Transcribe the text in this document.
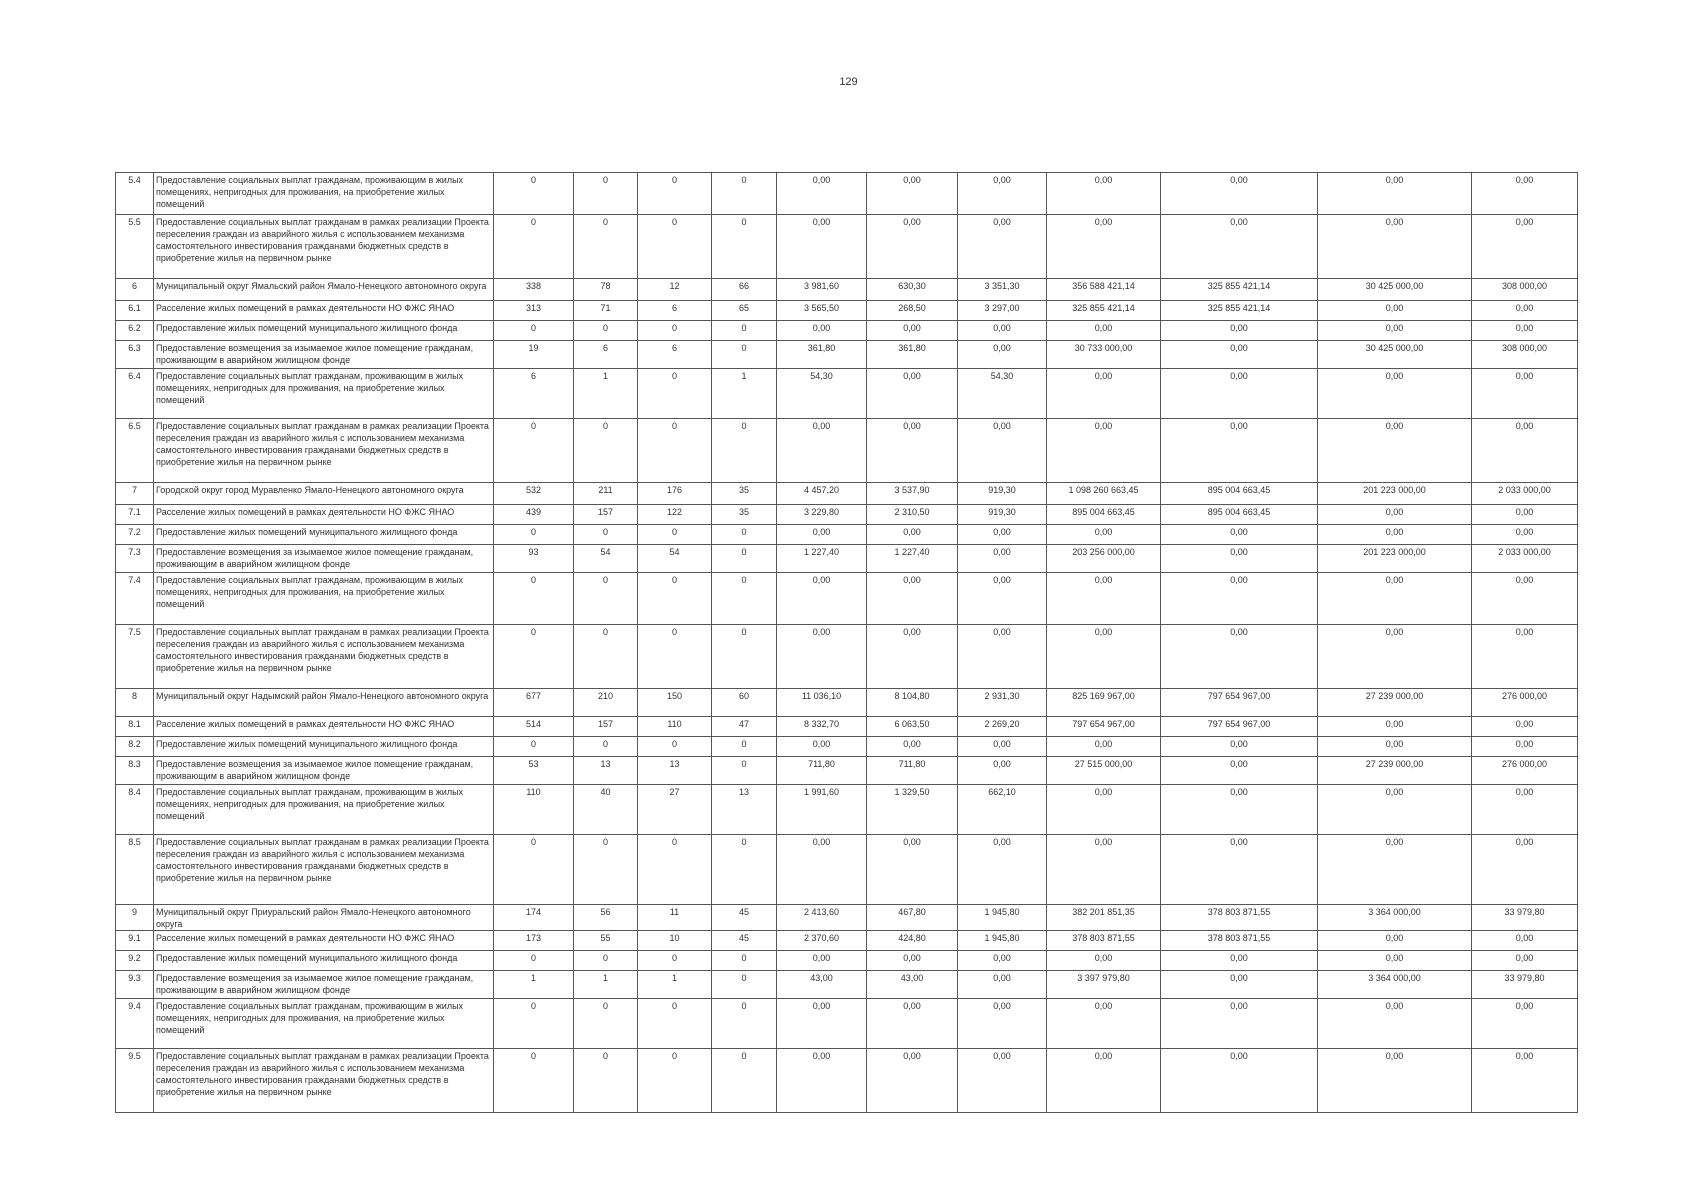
129
5.4	Предоставление социальных выплат гражданам, проживающим в жилых помещениях, непригодных для проживания, на приобретение жилых помещений	0	0	0	0	0,00	0,00	0,00	0,00	0,00	0,00	0,00
5.5	Предоставление социальных выплат гражданам в рамках реализации Проекта переселения граждан из аварийного жилья с использованием механизма самостоятельного инвестирования гражданами бюджетных средств в приобретение жилья на первичном рынке	0	0	0	0	0,00	0,00	0,00	0,00	0,00	0,00	0,00
6	Муниципальный округ Ямальский район Ямало-Ненецкого автономного округа	338	78	12	66	3 981,60	630,30	3 351,30	356 588 421,14	325 855 421,14	30 425 000,00	308 000,00
6.1	Расселение жилых помещений в рамках деятельности НО ФЖС ЯНАО	313	71	6	65	3 565,50	268,50	3 297,00	325 855 421,14	325 855 421,14	0,00	0,00
6.2	Предоставление жилых помещений муниципального жилищного фонда	0	0	0	0	0,00	0,00	0,00	0,00	0,00	0,00	0,00
6.3	Предоставление возмещения за изымаемое жилое помещение гражданам, проживающим в аварийном жилищном фонде	19	6	6	0	361,80	361,80	0,00	30 733 000,00	0,00	30 425 000,00	308 000,00
6.4	Предоставление социальных выплат гражданам, проживающим в жилых помещениях, непригодных для проживания, на приобретение жилых помещений	6	1	0	1	54,30	0,00	54,30	0,00	0,00	0,00	0,00
6.5	Предоставление социальных выплат гражданам в рамках реализации Проекта переселения граждан из аварийного жилья с использованием механизма самостоятельного инвестирования гражданами бюджетных средств в приобретение жилья на первичном рынке	0	0	0	0	0,00	0,00	0,00	0,00	0,00	0,00	0,00
7	Городской округ город Муравленко Ямало-Ненецкого автономного округа	532	211	176	35	4 457,20	3 537,90	919,30	1 098 260 663,45	895 004 663,45	201 223 000,00	2 033 000,00
7.1	Расселение жилых помещений в рамках деятельности НО ФЖС ЯНАО	439	157	122	35	3 229,80	2 310,50	919,30	895 004 663,45	895 004 663,45	0,00	0,00
7.2	Предоставление жилых помещений муниципального жилищного фонда	0	0	0	0	0,00	0,00	0,00	0,00	0,00	0,00	0,00
7.3	Предоставление возмещения за изымаемое жилое помещение гражданам, проживающим в аварийном жилищном фонде	93	54	54	0	1 227,40	1 227,40	0,00	203 256 000,00	0,00	201 223 000,00	2 033 000,00
7.4	Предоставление социальных выплат гражданам, проживающим в жилых помещениях, непригодных для проживания, на приобретение жилых помещений	0	0	0	0	0,00	0,00	0,00	0,00	0,00	0,00	0,00
7.5	Предоставление социальных выплат гражданам в рамках реализации Проекта переселения граждан из аварийного жилья с использованием механизма самостоятельного инвестирования гражданами бюджетных средств в приобретение жилья на первичном рынке	0	0	0	0	0,00	0,00	0,00	0,00	0,00	0,00	0,00
8	Муниципальный округ Надымский район Ямало-Ненецкого автономного округа	677	210	150	60	11 036,10	8 104,80	2 931,30	825 169 967,00	797 654 967,00	27 239 000,00	276 000,00
8.1	Расселение жилых помещений в рамках деятельности НО ФЖС ЯНАО	514	157	110	47	8 332,70	6 063,50	2 269,20	797 654 967,00	797 654 967,00	0,00	0,00
8.2	Предоставление жилых помещений муниципального жилищного фонда	0	0	0	0	0,00	0,00	0,00	0,00	0,00	0,00	0,00
8.3	Предоставление возмещения за изымаемое жилое помещение гражданам, проживающим в аварийном жилищном фонде	53	13	13	0	711,80	711,80	0,00	27 515 000,00	0,00	27 239 000,00	276 000,00
8.4	Предоставление социальных выплат гражданам, проживающим в жилых помещениях, непригодных для проживания, на приобретение жилых помещений	110	40	27	13	1 991,60	1 329,50	662,10	0,00	0,00	0,00	0,00
8.5	Предоставление социальных выплат гражданам в рамках реализации Проекта переселения граждан из аварийного жилья с использованием механизма самостоятельного инвестирования гражданами бюджетных средств в приобретение жилья на первичном рынке	0	0	0	0	0,00	0,00	0,00	0,00	0,00	0,00	0,00
9	Муниципальный округ Приуральский район Ямало-Ненецкого автономного округа	174	56	11	45	2 413,60	467,80	1 945,80	382 201 851,35	378 803 871,55	3 364 000,00	33 979,80
9.1	Расселение жилых помещений в рамках деятельности НО ФЖС ЯНАО	173	55	10	45	2 370,60	424,80	1 945,80	378 803 871,55	378 803 871,55	0,00	0,00
9.2	Предоставление жилых помещений муниципального жилищного фонда	0	0	0	0	0,00	0,00	0,00	0,00	0,00	0,00	0,00
9.3	Предоставление возмещения за изымаемое жилое помещение гражданам, проживающим в аварийном жилищном фонде	1	1	1	0	43,00	43,00	0,00	3 397 979,80	0,00	3 364 000,00	33 979,80
9.4	Предоставление социальных выплат гражданам, проживающим в жилых помещениях, непригодных для проживания, на приобретение жилых помещений	0	0	0	0	0,00	0,00	0,00	0,00	0,00	0,00	0,00
9.5	Предоставление социальных выплат гражданам в рамках реализации Проекта переселения граждан из аварийного жилья с использованием механизма самостоятельного инвестирования гражданами бюджетных средств в приобретение жилья на первичном рынке	0	0	0	0	0,00	0,00	0,00	0,00	0,00	0,00	0,00
